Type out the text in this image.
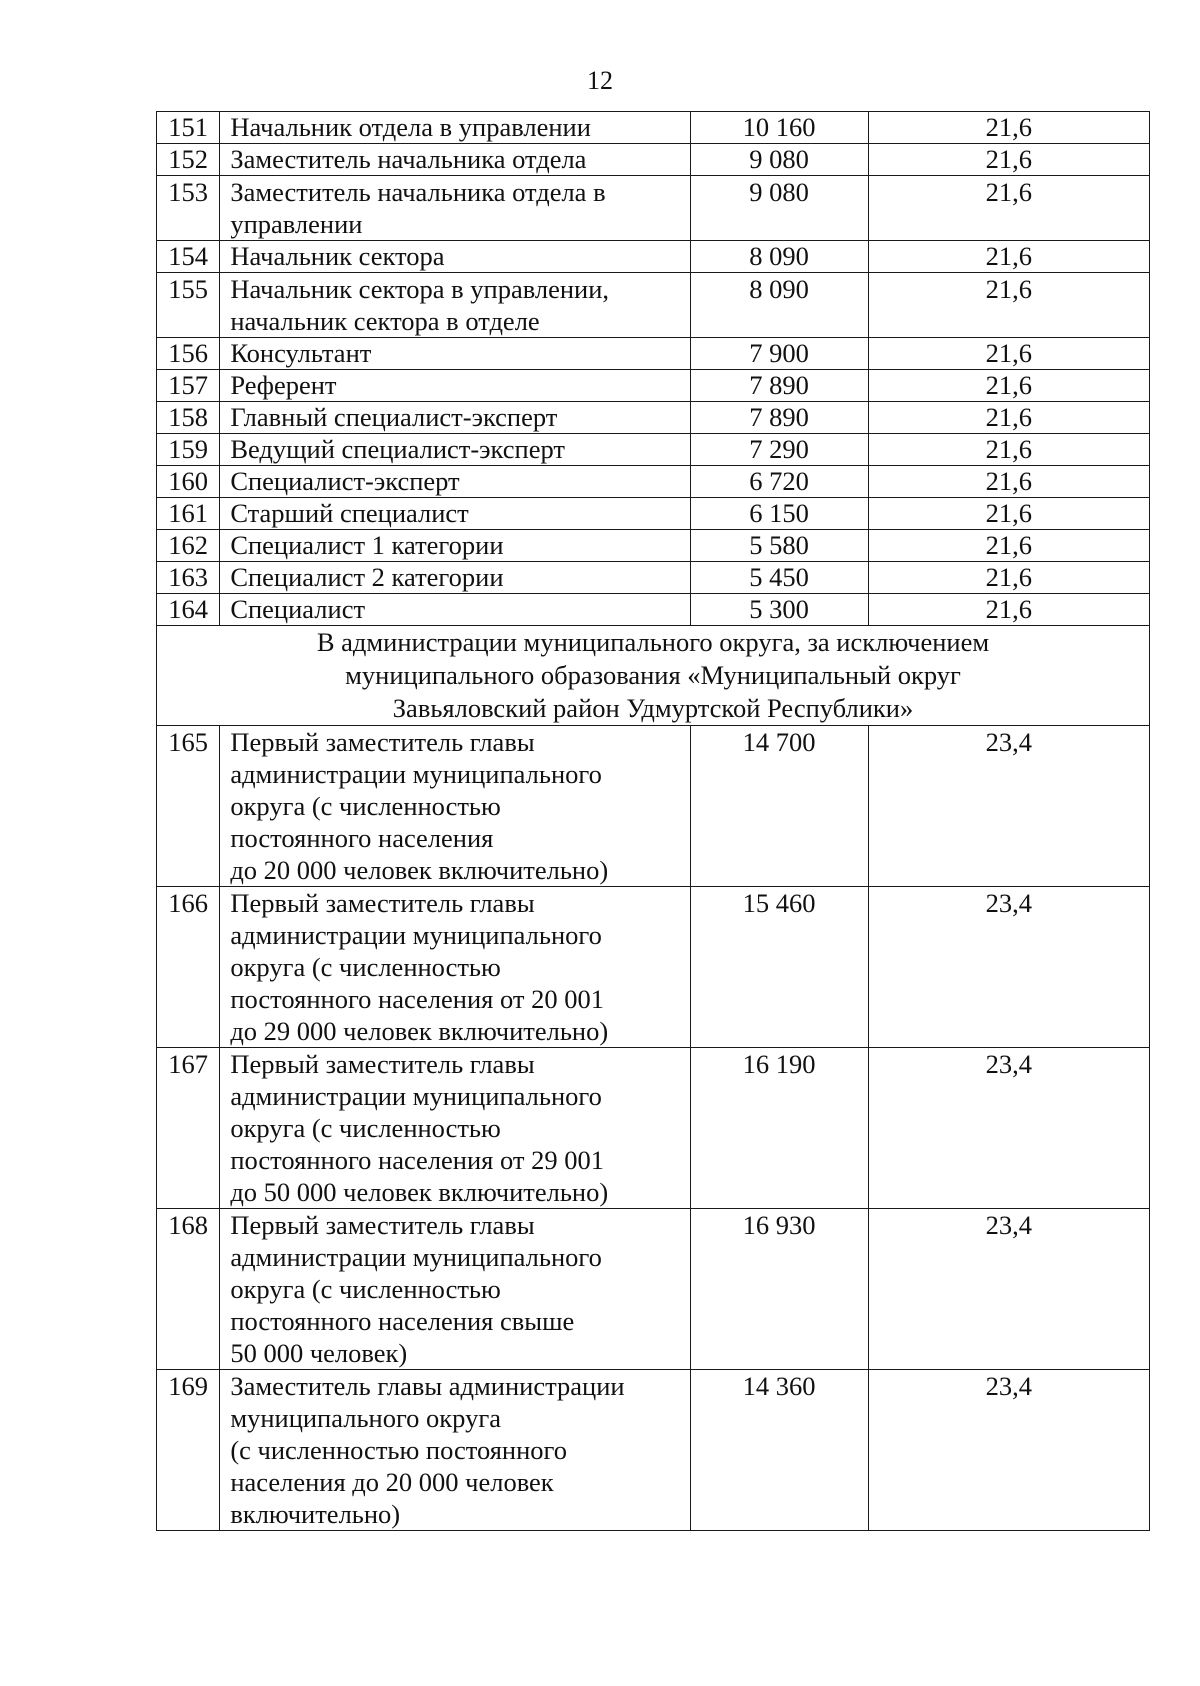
12
151	Начальник отдела в управлении	10 160	21,6
152	Заместитель начальника отдела	9 080	21,6
153	Заместитель начальника отдела в
управлении	9 080	21,6
154	Начальник сектора	8 090	21,6
155	Начальник сектора в управлении,
начальник сектора в отделе	8 090	21,6
156	Консультант	7 900	21,6
157	Референт	7 890	21,6
158	Главный специалист-эксперт	7 890	21,6
159	Ведущий специалист-эксперт	7 290	21,6
160	Специалист-эксперт	6 720	21,6
161	Старший специалист	6 150	21,6
162	Специалист 1 категории	5 580	21,6
163	Специалист 2 категории	5 450	21,6
164	Специалист	5 300	21,6
В администрации муниципального округа, за исключением
муниципального образования «Муниципальный округ
Завьяловский район Удмуртской Республики»			
165	Первый заместитель главы
администрации муниципального
округа (с численностью
постоянного населения
до 20 000 человек включительно)	14 700	23,4
166	Первый заместитель главы
администрации муниципального
округа (с численностью
постоянного населения от 20 001
до 29 000 человек включительно)	15 460	23,4
167	Первый заместитель главы
администрации муниципального
округа (с численностью
постоянного населения от 29 001
до 50 000 человек включительно)	16 190	23,4
168	Первый заместитель главы
администрации муниципального
округа (с численностью
постоянного населения свыше
50 000 человек)	16 930	23,4
169	Заместитель главы администрации
муниципального округа
(с численностью постоянного
населения до 20 000 человек
включительно)	14 360	23,4
